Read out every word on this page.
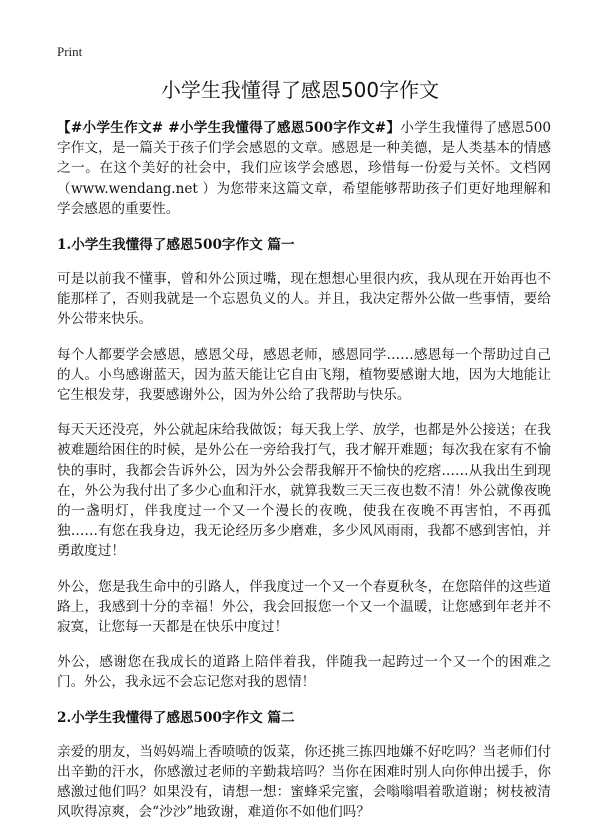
Print
小学生我懂得了感恩500字作文

【#小学生作文# #小学生我懂得了感恩500字作文#】小学生我懂得了感恩500字作文，是一篇关于孩子们学会感恩的文章。感恩是一种美德，是人类基本的情感之一。在这个美好的社会中，我们应该学会感恩，珍惜每一份爱与关怀。文档网（www.wendang.net ）为您带来这篇文章，希望能够帮助孩子们更好地理解和学会感恩的重要性。

1.小学生我懂得了感恩500字作文 篇一

可是以前我不懂事，曾和外公顶过嘴，现在想想心里很内疚，我从现在开始再也不能那样了，否则我就是一个忘恩负义的人。并且，我决定帮外公做一些事情，要给外公带来快乐。

每个人都要学会感恩，感恩父母，感恩老师，感恩同学……感恩每一个帮助过自己的人。小鸟感谢蓝天，因为蓝天能让它自由飞翔，植物要感谢大地，因为大地能让它生根发芽，我要感谢外公，因为外公给了我帮助与快乐。

每天天还没亮，外公就起床给我做饭；每天我上学、放学，也都是外公接送；在我被难题给困住的时候，是外公在一旁给我打气，我才解开难题；每次我在家有不愉快的事时，我都会告诉外公，因为外公会帮我解开不愉快的疙瘩……从我出生到现在，外公为我付出了多少心血和汗水，就算我数三天三夜也数不清！外公就像夜晚的一盏明灯，伴我度过一个又一个漫长的夜晚，使我在夜晚不再害怕，不再孤独……有您在我身边，我无论经历多少磨难，多少风风雨雨，我都不感到害怕，并勇敢度过！

外公，您是我生命中的引路人，伴我度过一个又一个春夏秋冬，在您陪伴的这些道路上，我感到十分的幸福！外公，我会回报您一个又一个温暖，让您感到年老并不寂寞，让您每一天都是在快乐中度过！

外公，感谢您在我成长的道路上陪伴着我，伴随我一起跨过一个又一个的困难之门。外公，我永远不会忘记您对我的恩情！

2.小学生我懂得了感恩500字作文 篇二

亲爱的朋友，当妈妈端上香喷喷的饭菜，你还挑三拣四地嫌不好吃吗？当老师们付出辛勤的汗水，你感激过老师的辛勤栽培吗？当你在困难时别人向你伸出援手，你感激过他们吗？如果没有，请想一想：蜜蜂采完蜜，会嗡嗡唱着歌道谢；树枝被清风吹得凉爽，会“沙沙”地致谢，难道你不如他们吗？
